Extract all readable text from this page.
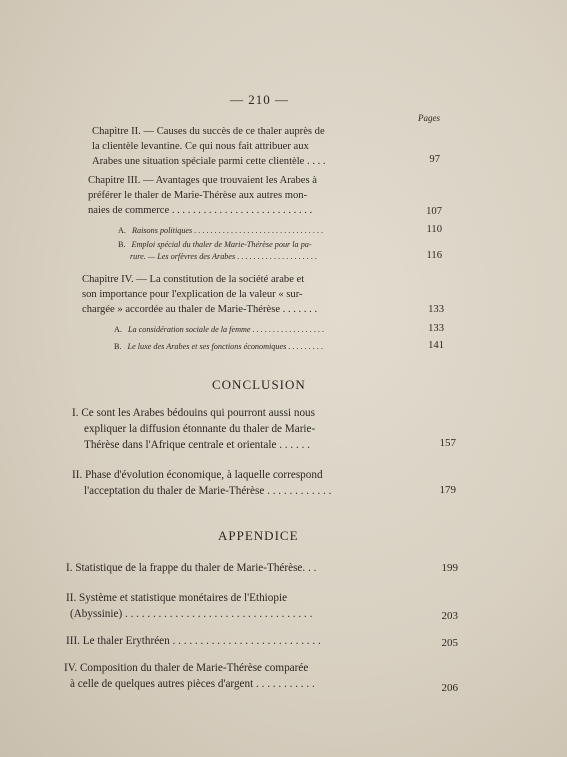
— 210 —
Pages
Chapitre II. — Causes du succès de ce thaler auprès de
la clientèle levantine. Ce qui nous fait attribuer aux
Arabes une situation spéciale parmi cette clientèle . . . .	97
Chapitre III. — Avantages que trouvaient les Arabes à
préférer le thaler de Marie-Thérèse aux autres mon-
naies de commerce . . . . . . . . . . . . . . . . . . . . . . . . . . .	107
A. Raisons politiques . . . . . . . . . . . . . . . . . . . . . . . . . . . . . . . .	110
B. Emploi spécial du thaler de Marie-Thérèse pour la pa-
rure. — Les orfèvres des Arabes . . . . . . . . . . . . . . . . . . . .	116
Chapitre IV. — La constitution de la société arabe et
son importance pour l'explication de la valeur « sur-
chargée » accordée au thaler de Marie-Thérèse . . . . . . .	133
A. La considération sociale de la femme . . . . . . . . . . . . . . . . . .	133
B. Le luxe des Arabes et ses fonctions économiques . . . . . . . . .	141
CONCLUSION
I. Ce sont les Arabes bédouins qui pourront aussi nous
expliquer la diffusion étonnante du thaler de Marie-
Thérèse dans l'Afrique centrale et orientale . . . . . .	157
II. Phase d'évolution économique, à laquelle correspond
l'acceptation du thaler de Marie-Thérèse . . . . . . . . . . . .	179
APPENDICE
I. Statistique de la frappe du thaler de Marie-Thérèse. . .	199
II. Système et statistique monétaires de l'Ethiopie
(Abyssinie) . . . . . . . . . . . . . . . . . . . . . . . . . . . . . . . . . .	203
III. Le thaler Erythréen . . . . . . . . . . . . . . . . . . . . . . . . . . .	205
IV. Composition du thaler de Marie-Thérèse comparée
à celle de quelques autres pièces d'argent . . . . . . . . . . .	206
